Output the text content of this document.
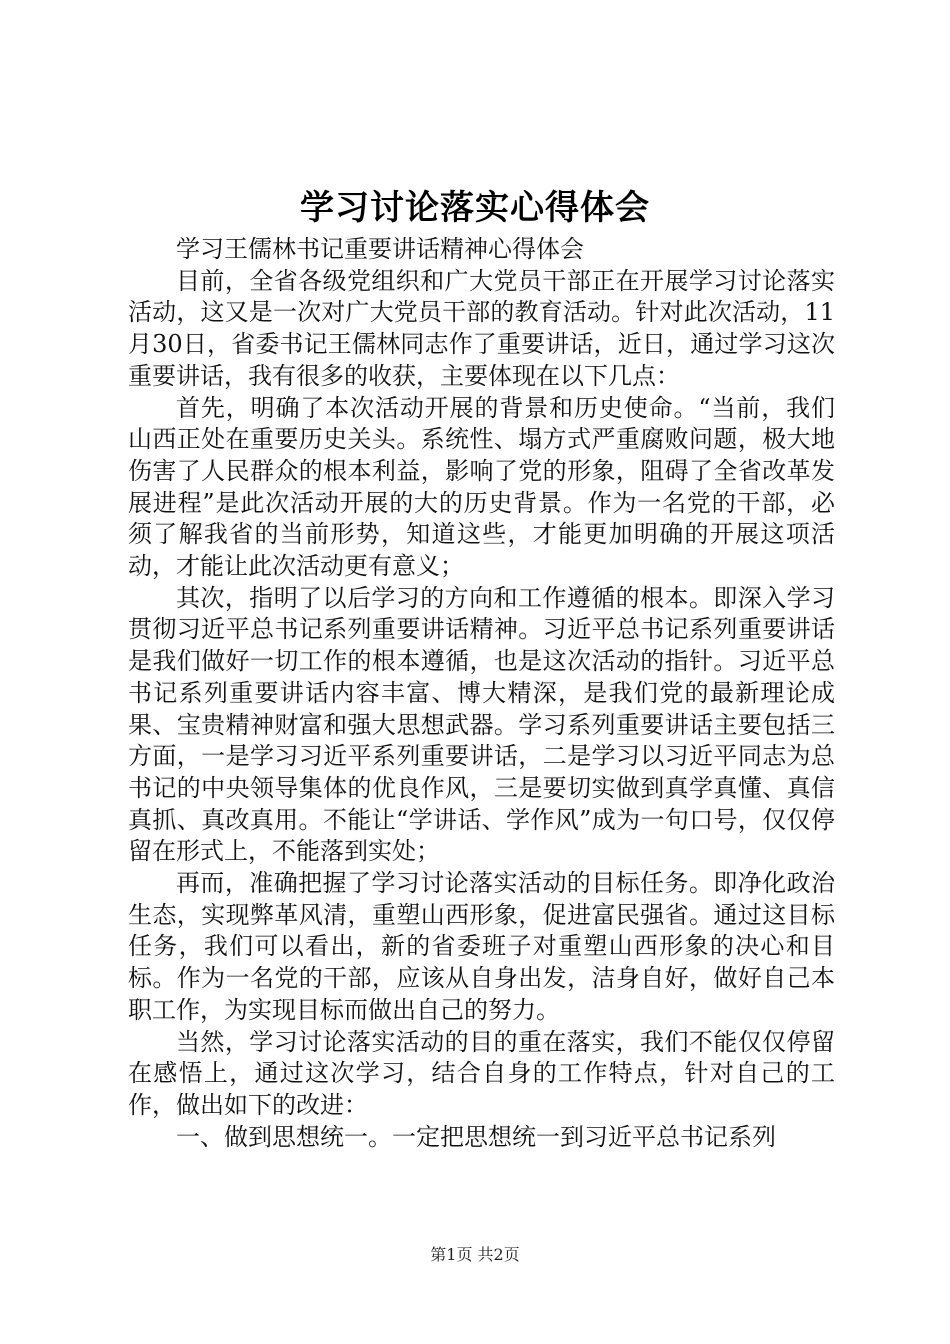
学习讨论落实心得体会

学习王儒林书记重要讲话精神心得体会

目前，全省各级党组织和广大党员干部正在开展学习讨论落实活动，这又是一次对广大党员干部的教育活动。针对此次活动，11月30日，省委书记王儒林同志作了重要讲话，近日，通过学习这次重要讲话，我有很多的收获，主要体现在以下几点：

首先，明确了本次活动开展的背景和历史使命。“当前，我们山西正处在重要历史关头。系统性、塌方式严重腐败问题，极大地伤害了人民群众的根本利益，影响了党的形象，阻碍了全省改革发展进程”是此次活动开展的大的历史背景。作为一名党的干部，必须了解我省的当前形势，知道这些，才能更加明确的开展这项活动，才能让此次活动更有意义；

其次，指明了以后学习的方向和工作遵循的根本。即深入学习贯彻习近平总书记系列重要讲话精神。习近平总书记系列重要讲话是我们做好一切工作的根本遵循，也是这次活动的指针。习近平总书记系列重要讲话内容丰富、博大精深，是我们党的最新理论成果、宝贵精神财富和强大思想武器。学习系列重要讲话主要包括三方面，一是学习习近平系列重要讲话，二是学习以习近平同志为总书记的中央领导集体的优良作风，三是要切实做到真学真懂、真信真抓、真改真用。不能让“学讲话、学作风”成为一句口号，仅仅停留在形式上，不能落到实处；

再而，准确把握了学习讨论落实活动的目标任务。即净化政治生态，实现弊革风清，重塑山西形象，促进富民强省。通过这目标任务，我们可以看出，新的省委班子对重塑山西形象的决心和目标。作为一名党的干部，应该从自身出发，洁身自好，做好自己本职工作，为实现目标而做出自己的努力。

当然，学习讨论落实活动的目的重在落实，我们不能仅仅停留在感悟上，通过这次学习，结合自身的工作特点，针对自己的工作，做出如下的改进：

一、做到思想统一。一定把思想统一到习近平总书记系列

第1页 共2页
